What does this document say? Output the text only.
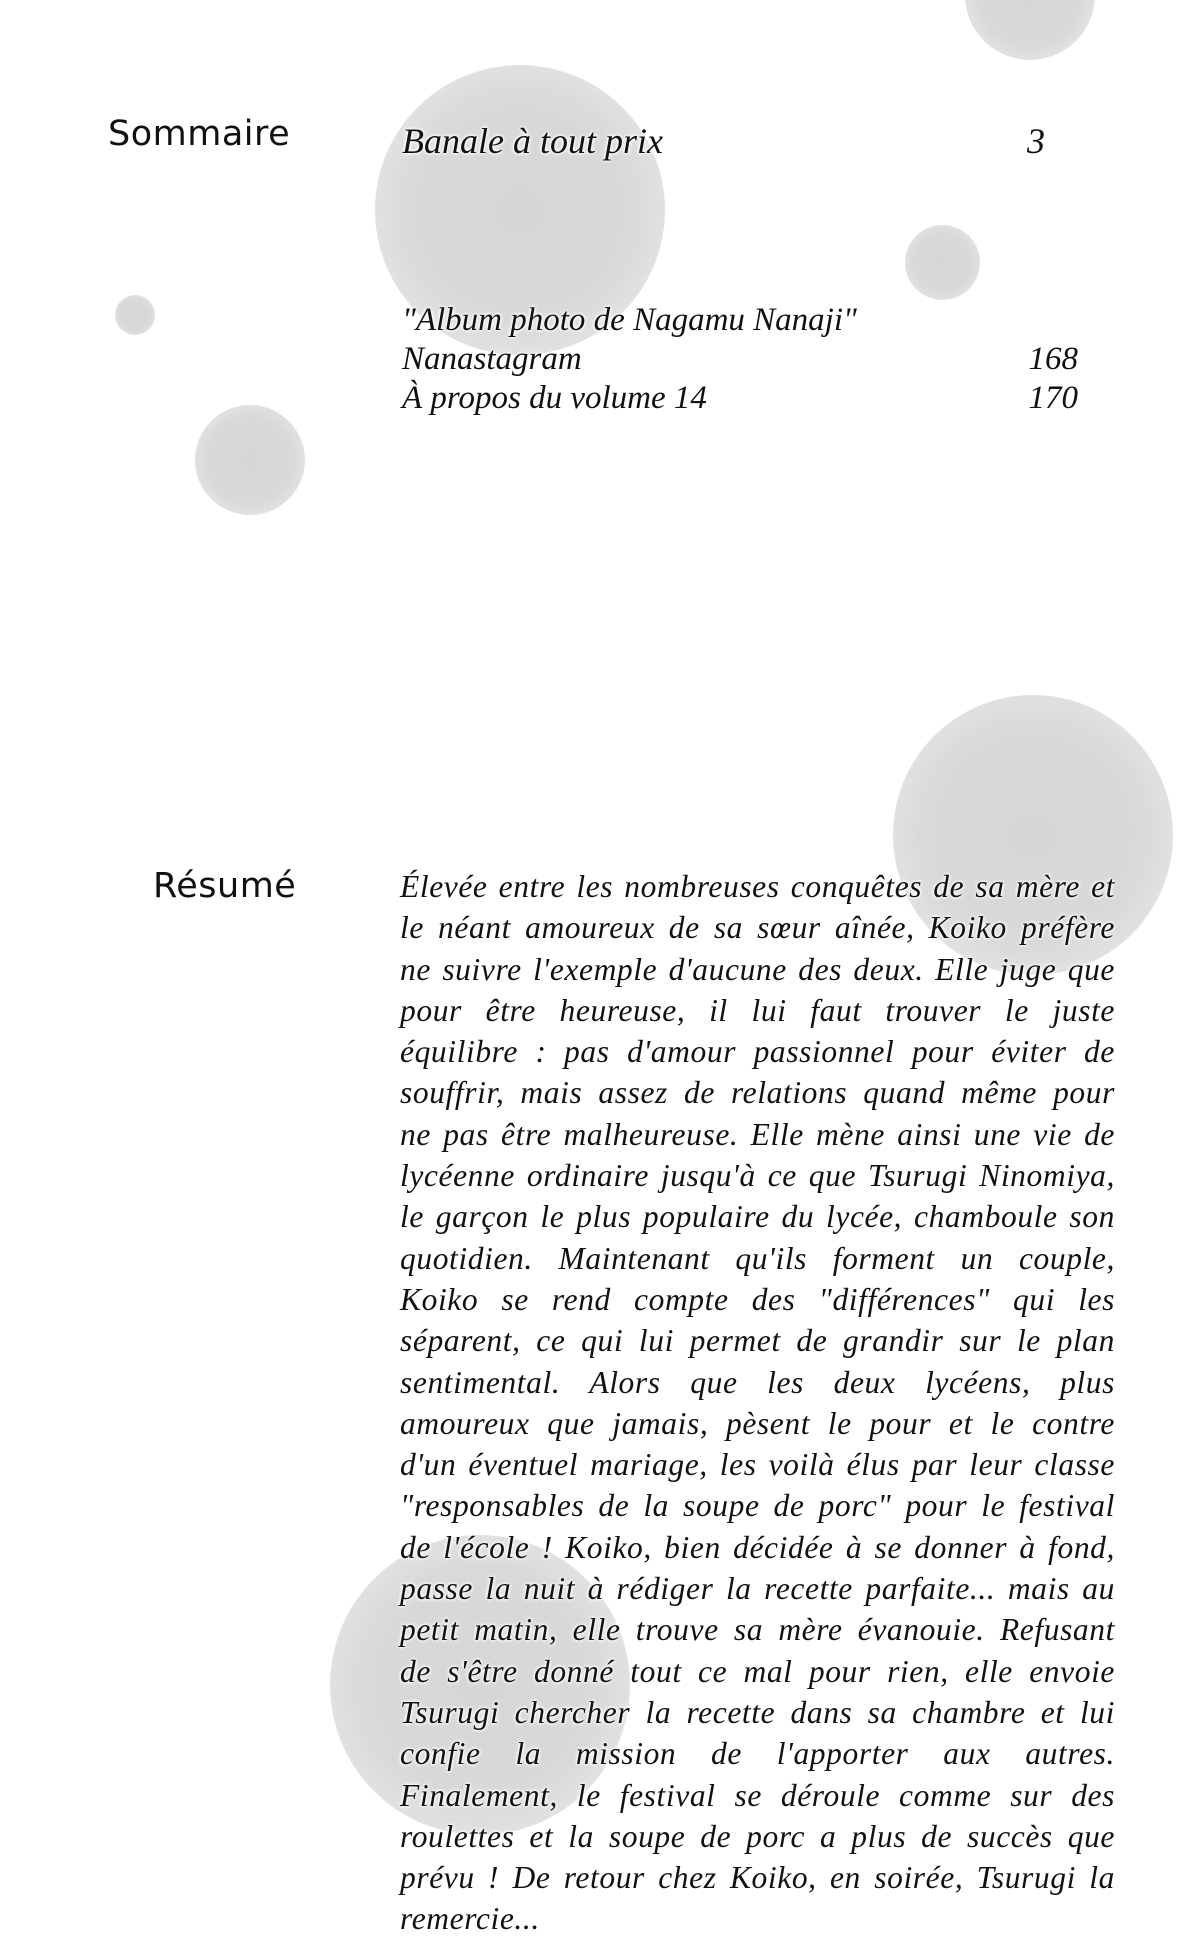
Sommaire	Banale à tout prix	3
"Album photo de Nagamu Nanaji"
Nanastagram	168
À propos du volume 14	170
Résumé	Élevée entre les nombreuses conquêtes de sa mère et le néant amoureux de sa sœur aînée, Koiko préfère ne suivre l'exemple d'aucune des deux. Elle juge que pour être heureuse, il lui faut trouver le juste équilibre : pas d'amour passionnel pour éviter de souffrir, mais assez de relations quand même pour ne pas être malheureuse. Elle mène ainsi une vie de lycéenne ordinaire jusqu'à ce que Tsurugi Ninomiya, le garçon le plus populaire du lycée, chamboule son quotidien. Maintenant qu'ils forment un couple, Koiko se rend compte des "différences" qui les séparent, ce qui lui permet de grandir sur le plan sentimental. Alors que les deux lycéens, plus amoureux que jamais, pèsent le pour et le contre d'un éventuel mariage, les voilà élus par leur classe "responsables de la soupe de porc" pour le festival de l'école ! Koiko, bien décidée à se donner à fond, passe la nuit à rédiger la recette parfaite... mais au petit matin, elle trouve sa mère évanouie. Refusant de s'être donné tout ce mal pour rien, elle envoie Tsurugi chercher la recette dans sa chambre et lui confie la mission de l'apporter aux autres. Finalement, le festival se déroule comme sur des roulettes et la soupe de porc a plus de succès que prévu ! De retour chez Koiko, en soirée, Tsurugi la remercie...
